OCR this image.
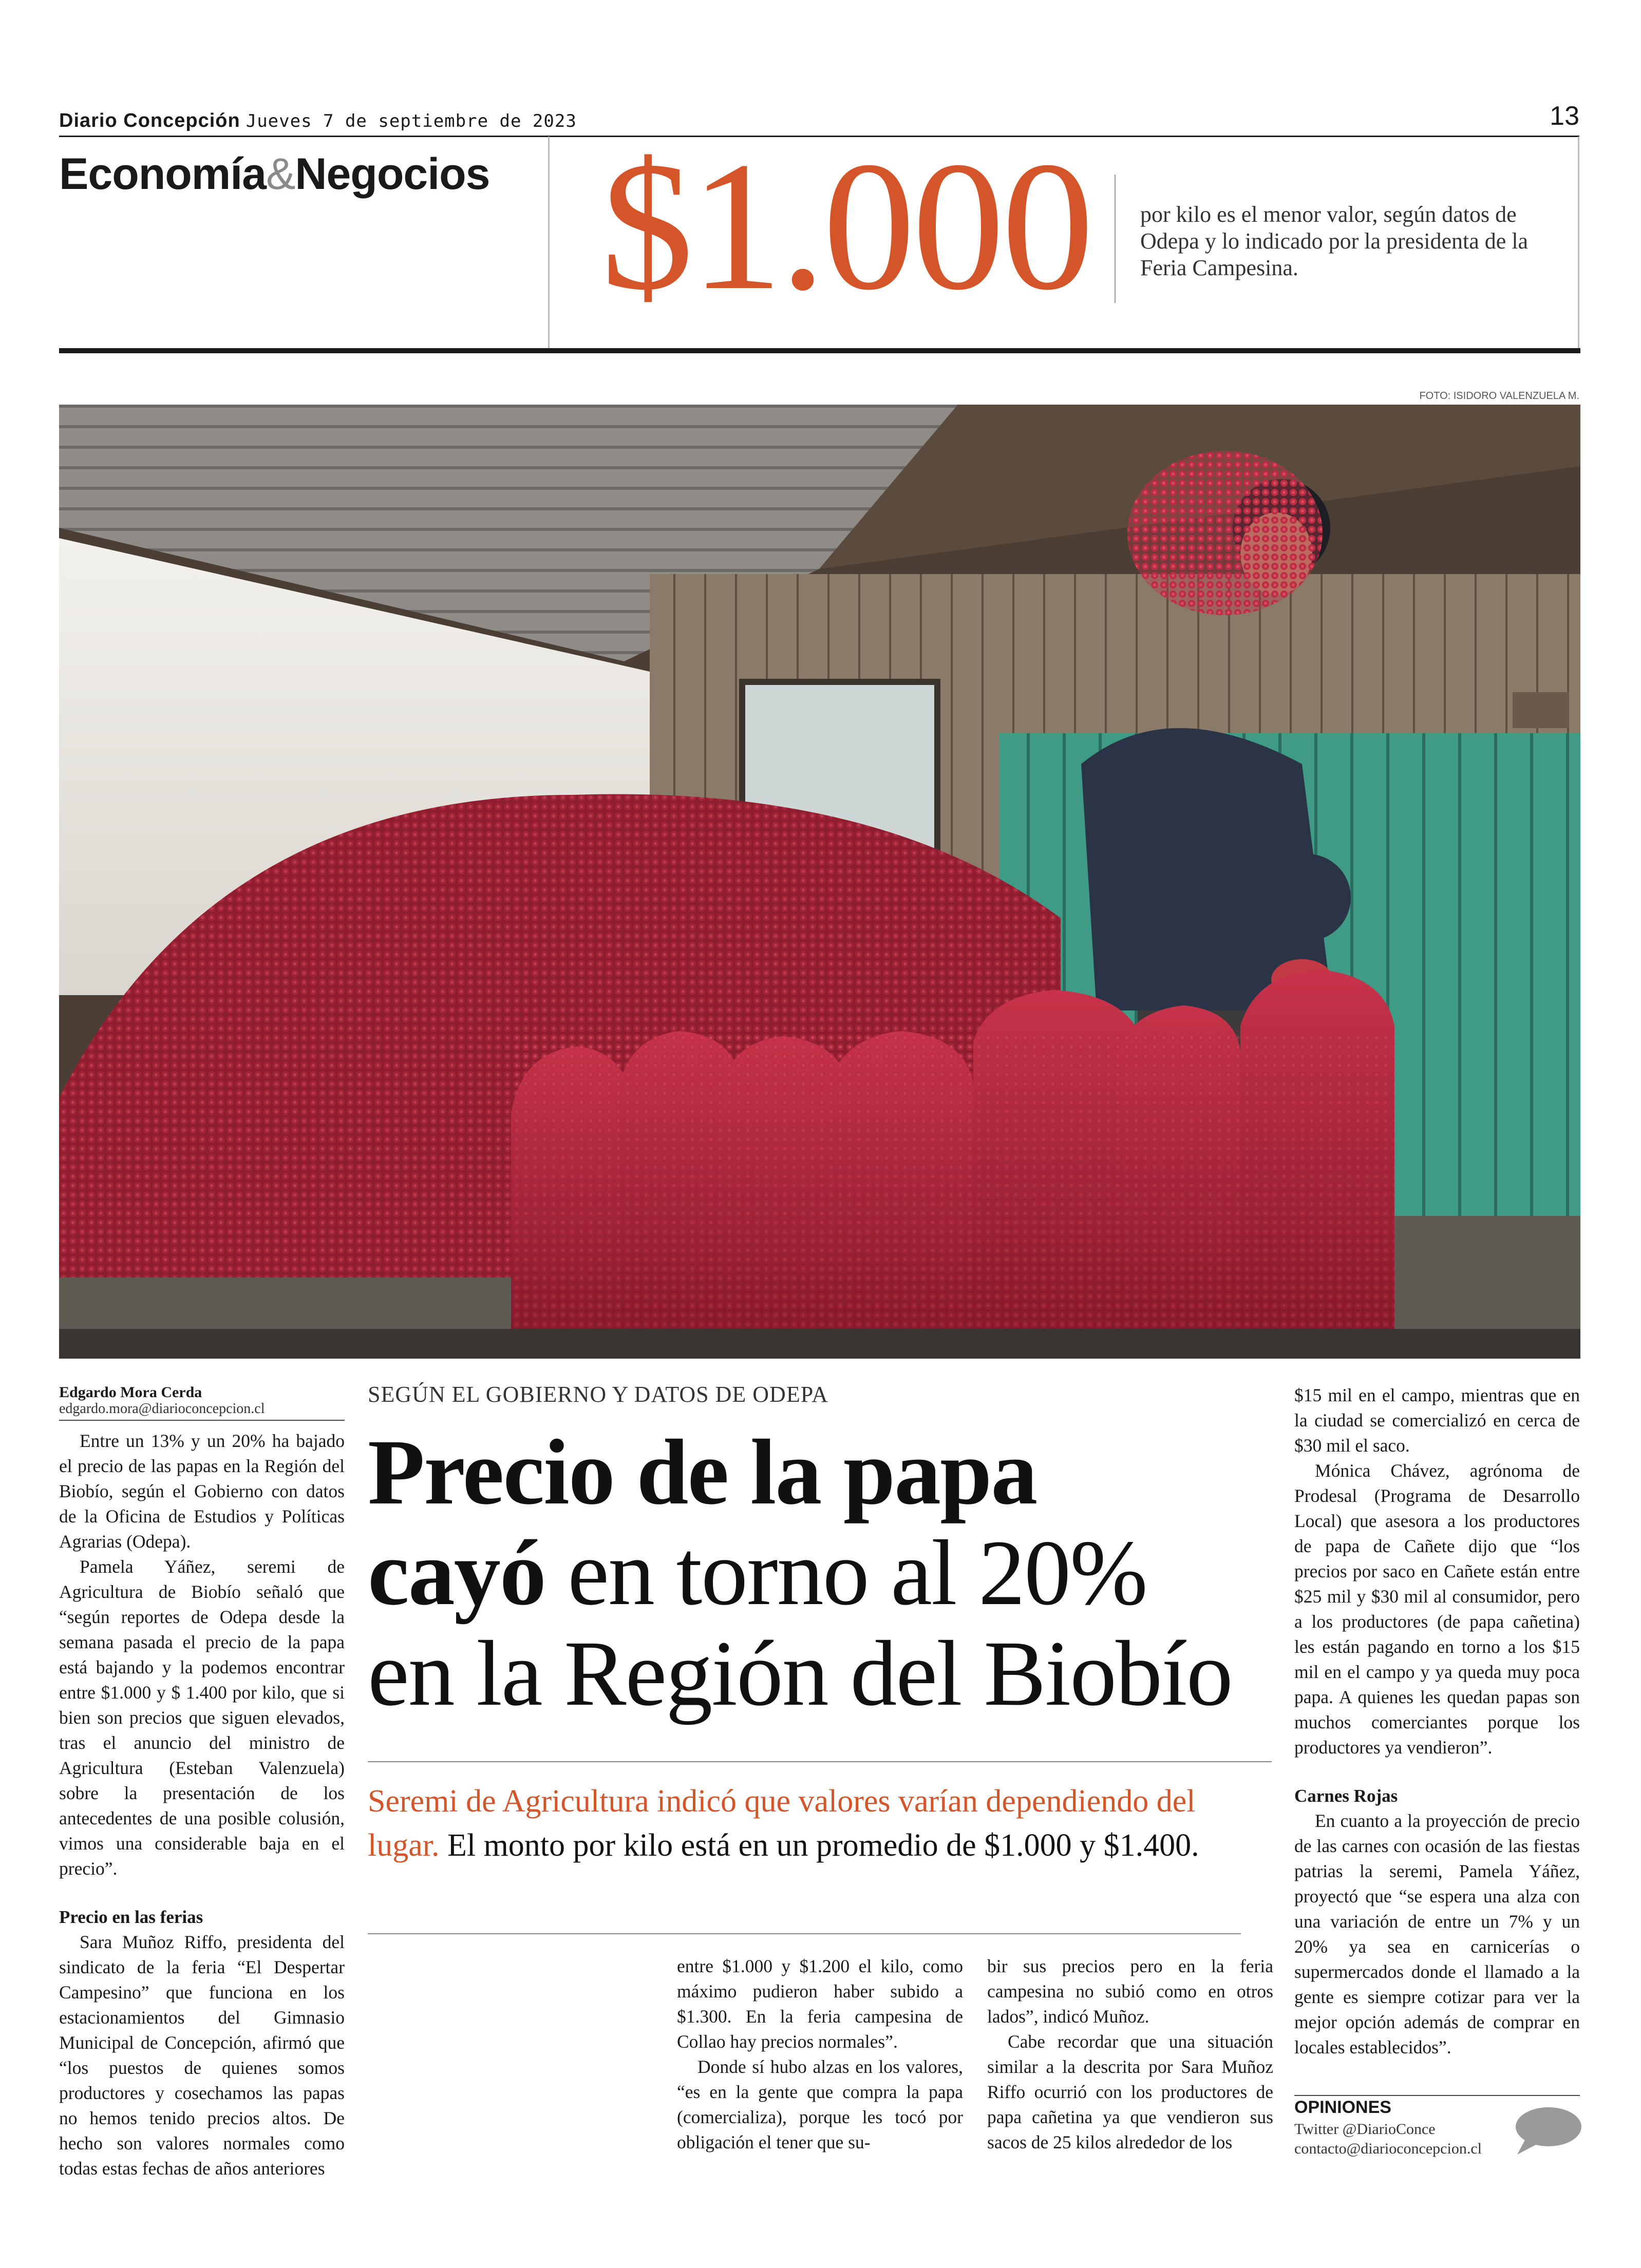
Diario Concepción Jueves 7 de septiembre de 2023	13
Economía&Negocios $1.000 por kilo es el menor valor, según datos de Odepa y lo indicado por la presidenta de la Feria Campesina.
FOTO: ISIDORO VALENZUELA M.
Edgardo Mora Cerda
edgardo.mora@diarioconcepcion.cl

Entre un 13% y un 20% ha bajado el precio de las papas en la Región del Biobío, según el Gobierno con datos de la Oficina de Estudios y Políticas Agrarias (Odepa).

Pamela Yáñez, seremi de Agricultura de Biobío señaló que “según reportes de Odepa desde la semana pasada el precio de la papa está bajando y la podemos encontrar entre $1.000 y $ 1.400 por kilo, que si bien son precios que siguen elevados, tras el anuncio del ministro de Agricultura (Esteban Valenzuela) sobre la presentación de los antecedentes de una posible colusión, vimos una considerable baja en el precio”.

Precio en las ferias

Sara Muñoz Riffo, presidenta del sindicato de la feria “El Despertar Campesino” que funciona en los estacionamientos del Gimnasio Municipal de Concepción, afirmó que “los puestos de quienes somos productores y cosechamos las papas no hemos tenido precios altos. De hecho son valores normales como todas estas fechas de años anteriores

SEGÚN EL GOBIERNO Y DATOS DE ODEPA
Precio de la papa
cayó en torno al 20%
en la Región del Biobío
Seremi de Agricultura indicó que valores varían dependiendo del lugar. El monto por kilo está en un promedio de $1.000 y $1.400.

entre $1.000 y $1.200 el kilo, como máximo pudieron haber subido a $1.300. En la feria campesina de Collao hay precios normales”.

Donde sí hubo alzas en los valores, “es en la gente que compra la papa (comercializa), porque les tocó por obligación el tener que su-

bir sus precios pero en la feria campesina no subió como en otros lados”, indicó Muñoz.

Cabe recordar que una situación similar a la descrita por Sara Muñoz Riffo ocurrió con los productores de papa cañetina ya que vendieron sus sacos de 25 kilos alrededor de los

$15 mil en el campo, mientras que en la ciudad se comercializó en cerca de $30 mil el saco.

Mónica Chávez, agrónoma de Prodesal (Programa de Desarrollo Local) que asesora a los productores de papa de Cañete dijo que “los precios por saco en Cañete están entre $25 mil y $30 mil al consumidor, pero a los productores (de papa cañetina) les están pagando en torno a los $15 mil en el campo y ya queda muy poca papa. A quienes les quedan papas son muchos comerciantes porque los productores ya vendieron”.

Carnes Rojas

En cuanto a la proyección de precio de las carnes con ocasión de las fiestas patrias la seremi, Pamela Yáñez, proyectó que “se espera una alza con una variación de entre un 7% y un 20% ya sea en carnicerías o supermercados donde el llamado a la gente es siempre cotizar para ver la mejor opción además de comprar en locales establecidos”.

OPINIONES
Twitter @DiarioConce
contacto@diarioconcepcion.cl
